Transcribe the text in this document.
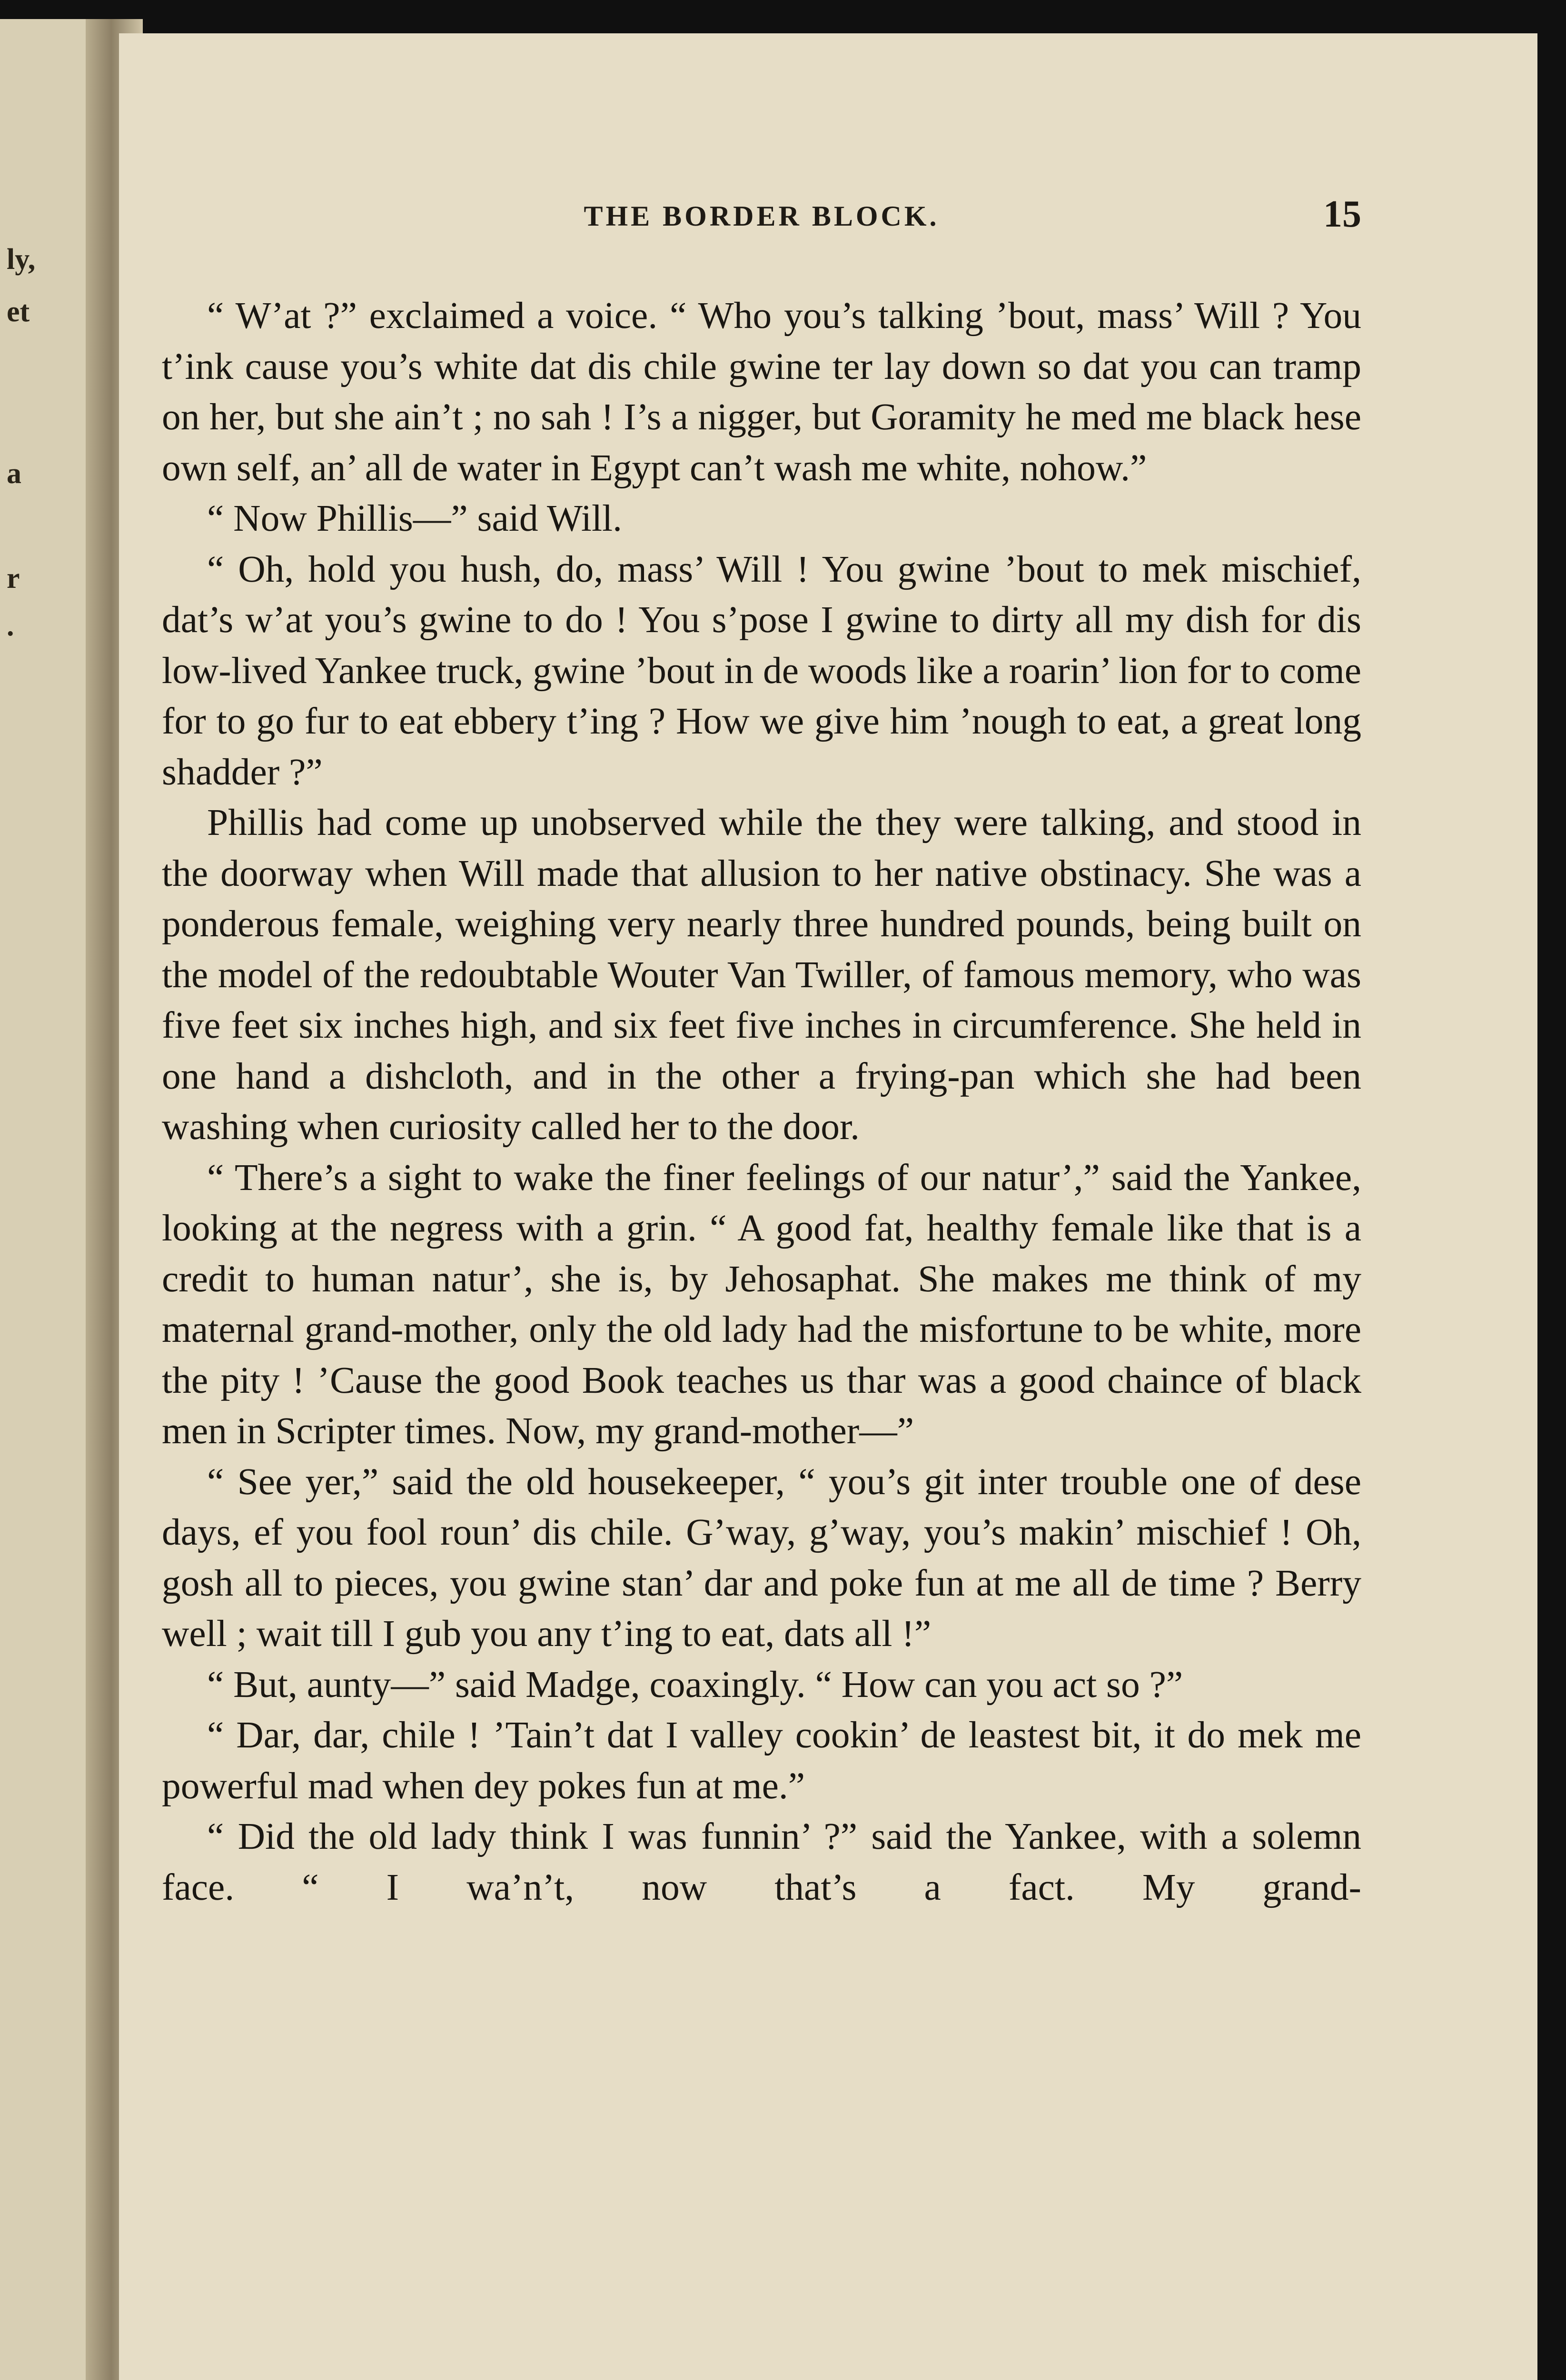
ly,
et
a
r
.
THE BORDER BLOCK.	15

“ W’at ?” exclaimed a voice. “ Who you’s talking ’bout, mass’ Will ? You t’ink cause you’s white dat dis chile gwine ter lay down so dat you can tramp on her, but she ain’t ; no sah ! I’s a nigger, but Goramity he med me black hese own self, an’ all de water in Egypt can’t wash me white, nohow.”

“ Now Phillis—” said Will.

“ Oh, hold you hush, do, mass’ Will ! You gwine ’bout to mek mischief, dat’s w’at you’s gwine to do ! You s’pose I gwine to dirty all my dish for dis low-lived Yankee truck, gwine ’bout in de woods like a roarin’ lion for to come for to go fur to eat ebbery t’ing ? How we give him ’nough to eat, a great long shadder ?”

Phillis had come up unobserved while the they were talking, and stood in the doorway when Will made that allusion to her native obstinacy. She was a ponderous female, weighing very nearly three hundred pounds, being built on the model of the redoubtable Wouter Van Twiller, of famous memory, who was five feet six inches high, and six feet five inches in circumference. She held in one hand a dishcloth, and in the other a frying-pan which she had been washing when curiosity called her to the door.

“ There’s a sight to wake the finer feelings of our natur’,” said the Yankee, looking at the negress with a grin. “ A good fat, healthy female like that is a credit to human natur’, she is, by Jehosaphat. She makes me think of my maternal grand-mother, only the old lady had the misfortune to be white, more the pity ! ’Cause the good Book teaches us thar was a good chaince of black men in Scripter times. Now, my grand-mother—”

“ See yer,” said the old housekeeper, “ you’s git inter trouble one of dese days, ef you fool roun’ dis chile. G’way, g’way, you’s makin’ mischief ! Oh, gosh all to pieces, you gwine stan’ dar and poke fun at me all de time ? Berry well ; wait till I gub you any t’ing to eat, dats all !”

“ But, aunty—” said Madge, coaxingly. “ How can you act so ?”

“ Dar, dar, chile ! ’Tain’t dat I valley cookin’ de leastest bit, it do mek me powerful mad when dey pokes fun at me.”

“ Did the old lady think I was funnin’ ?” said the Yankee, with a solemn face. “ I wa’n’t, now that’s a fact. My grand-
